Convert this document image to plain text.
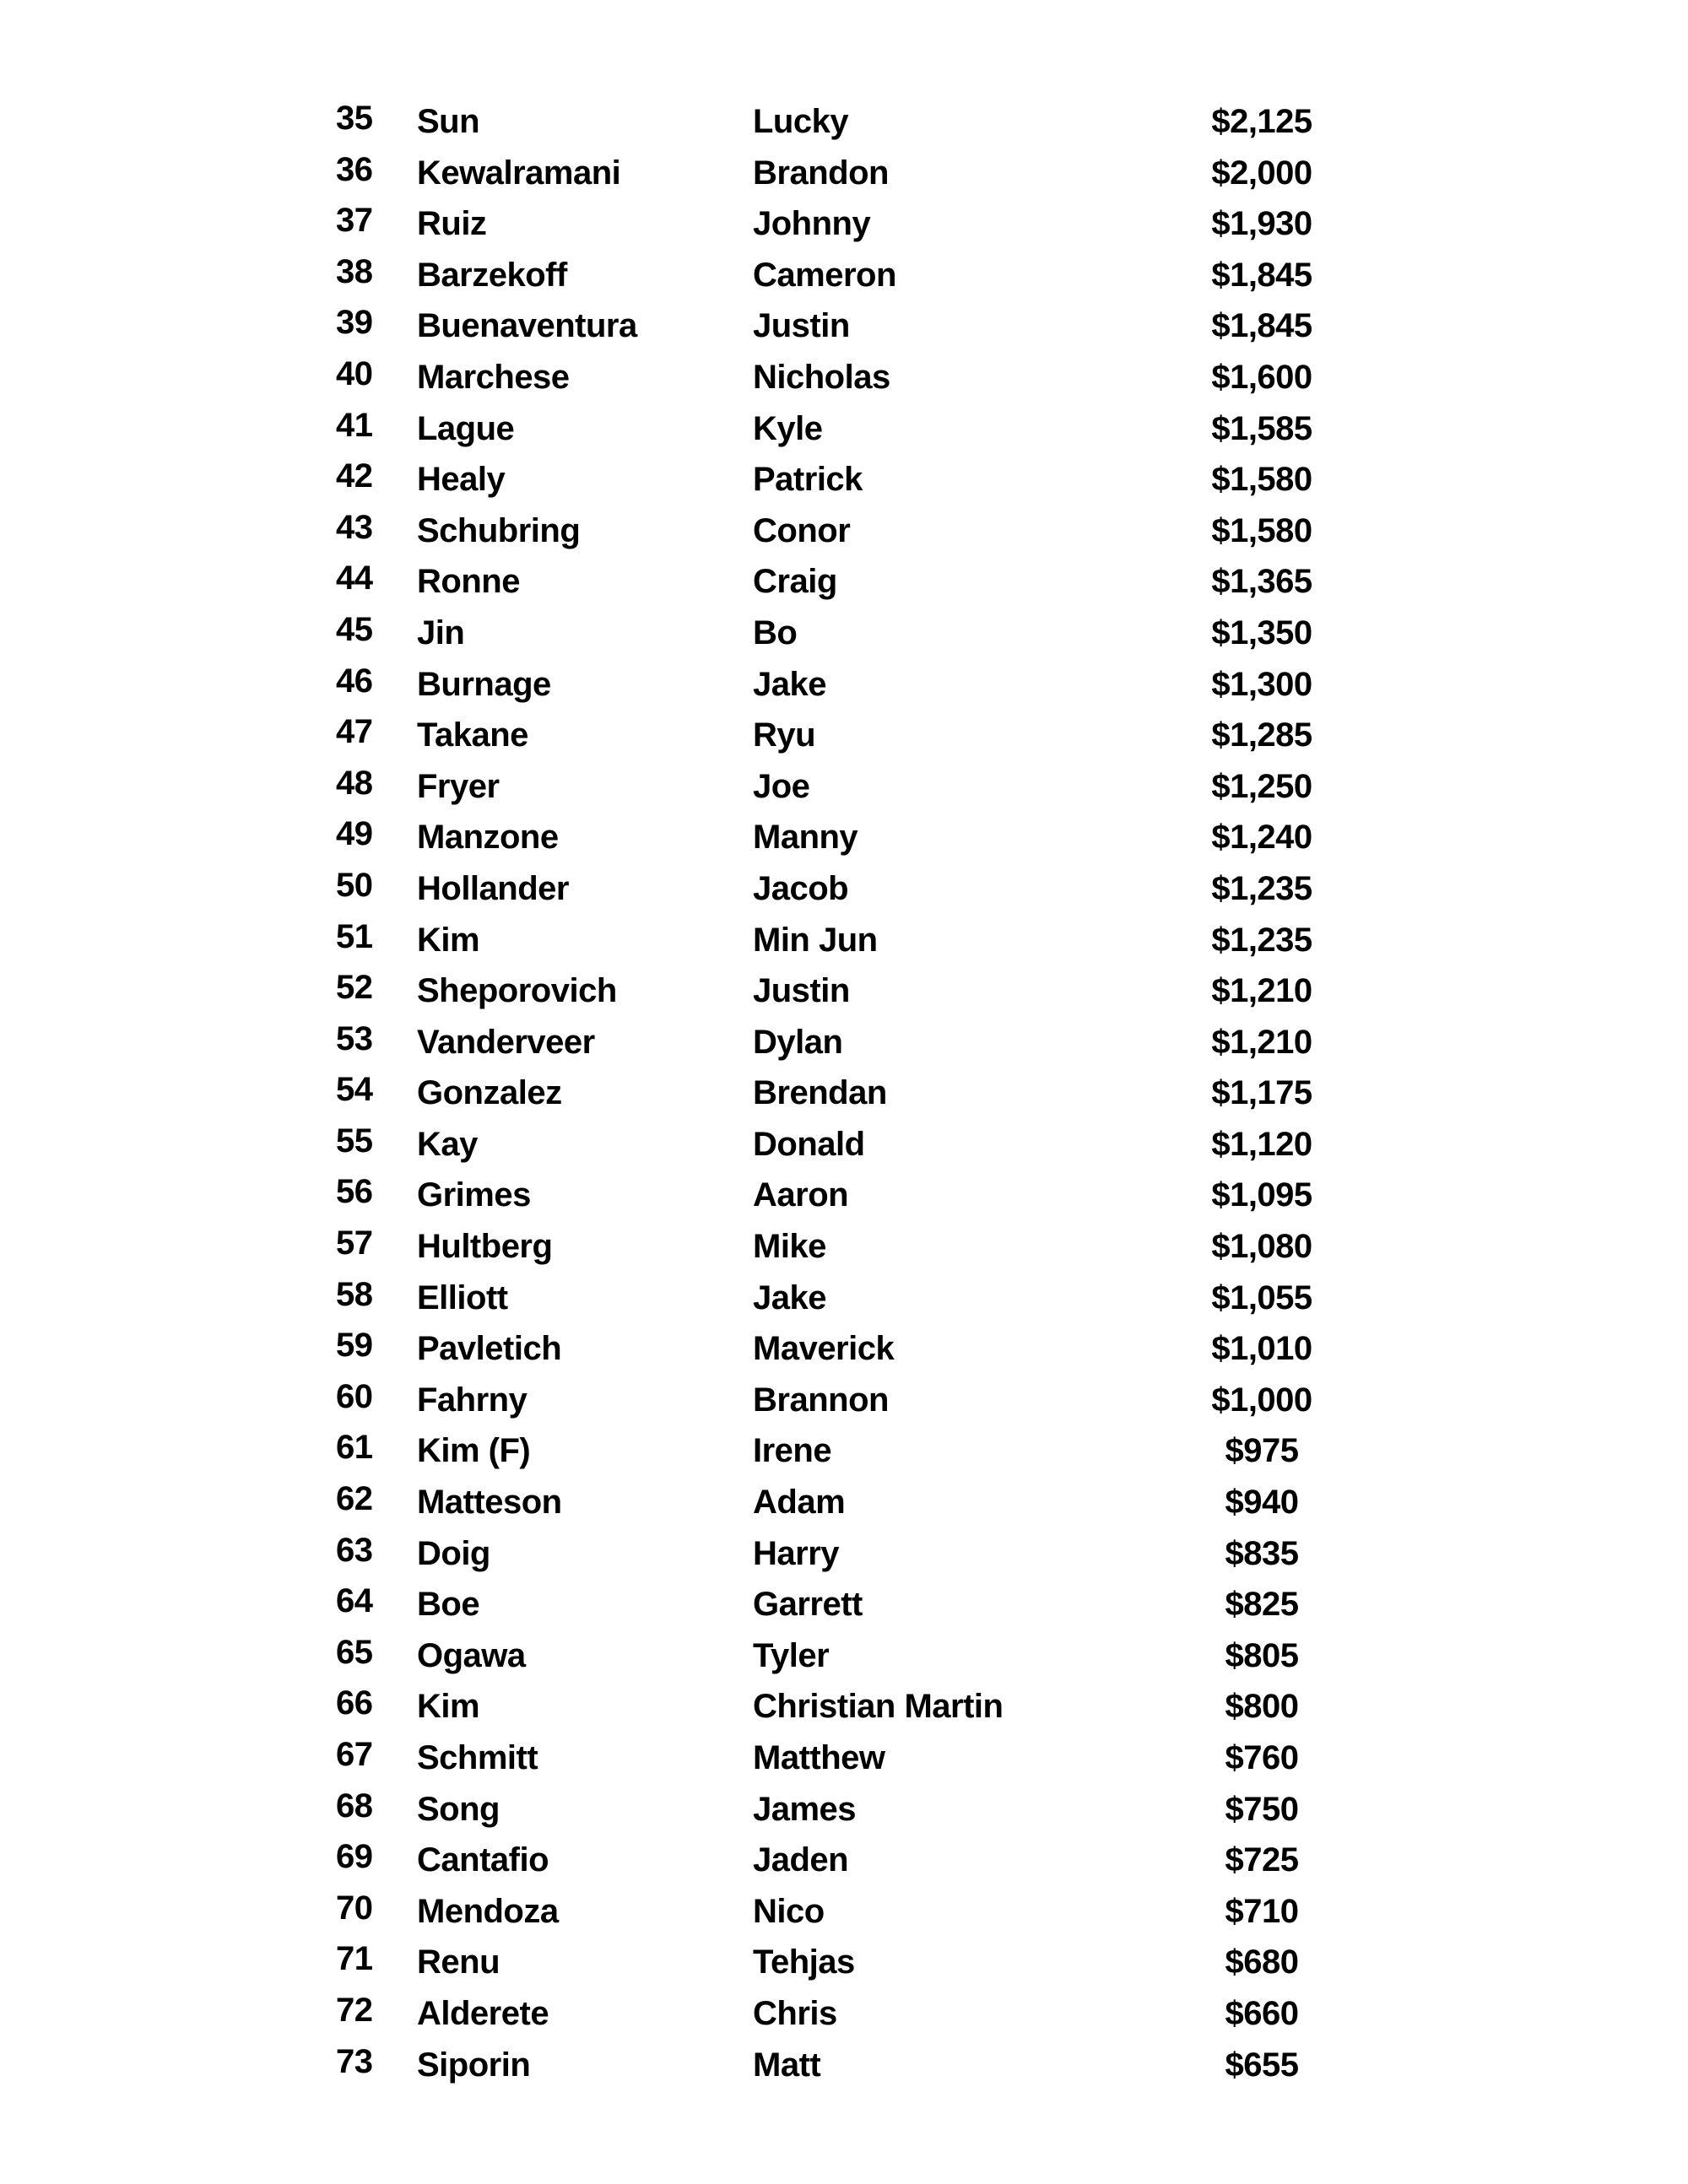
35 Sun	Lucky	$2,125
36 Kewalramani	Brandon	$2,000
37 Ruiz	Johnny	$1,930
38 Barzekoff	Cameron	$1,845
39 Buenaventura	Justin	$1,845
40 Marchese	Nicholas	$1,600
41 Lague	Kyle	$1,585
42 Healy	Patrick	$1,580
43 Schubring	Conor	$1,580
44 Ronne	Craig	$1,365
45 Jin	Bo	$1,350
46 Burnage	Jake	$1,300
47 Takane	Ryu	$1,285
48 Fryer	Joe	$1,250
49 Manzone	Manny	$1,240
50 Hollander	Jacob	$1,235
51 Kim	Min Jun	$1,235
52 Sheporovich	Justin	$1,210
53 Vanderveer	Dylan	$1,210
54 Gonzalez	Brendan	$1,175
55 Kay	Donald	$1,120
56 Grimes	Aaron	$1,095
57 Hultberg	Mike	$1,080
58 Elliott	Jake	$1,055
59 Pavletich	Maverick	$1,010
60 Fahrny	Brannon	$1,000
61 Kim (F)	Irene	$975
62 Matteson	Adam	$940
63 Doig	Harry	$835
64 Boe	Garrett	$825
65 Ogawa	Tyler	$805
66 Kim	Christian Martin	$800
67 Schmitt	Matthew	$760
68 Song	James	$750
69 Cantafio	Jaden	$725
70 Mendoza	Nico	$710
71 Renu	Tehjas	$680
72 Alderete	Chris	$660
73 Siporin	Matt	$655
